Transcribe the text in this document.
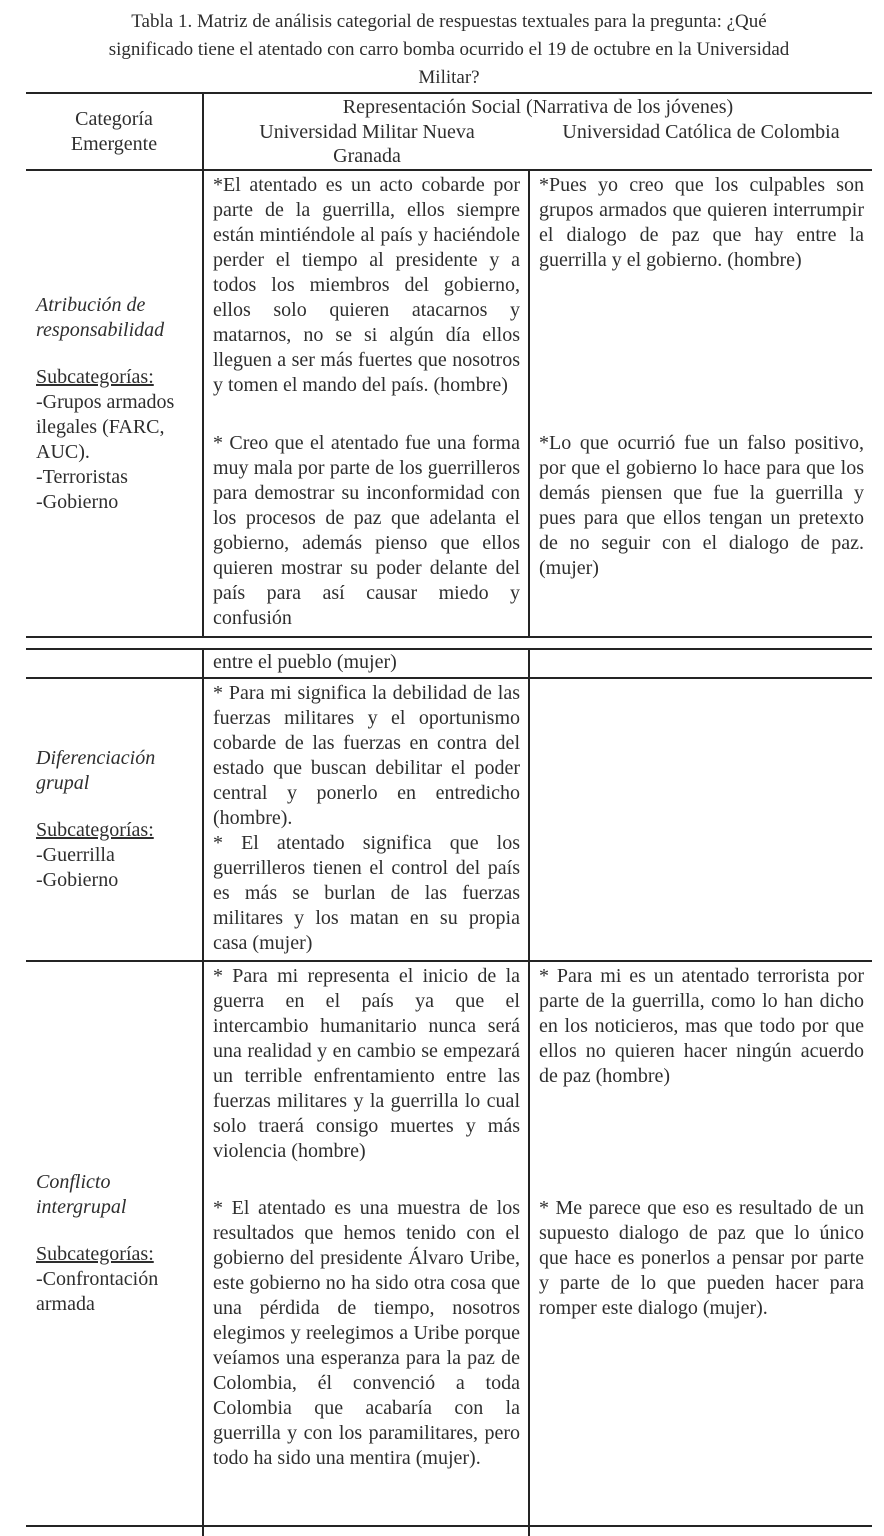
Tabla 1. Matriz de análisis categorial de respuestas textuales para la pregunta: ¿Qué
significado tiene el atentado con carro bomba ocurrido el 19 de octubre en la Universidad
Militar?
Categoría Emergente
Representación Social (Narrativa de los jóvenes)
Universidad Militar Nueva Granada
Universidad Católica de Colombia
Atribución de responsabilidad
Subcategorías:
-Grupos armados ilegales (FARC, AUC).
-Terroristas
-Gobierno

*El atentado es un acto cobarde por parte de la guerrilla, ellos siempre están mintiéndole al país y haciéndole perder el tiempo al presidente y a todos los miembros del gobierno, ellos solo quieren atacarnos y matarnos, no se si algún día ellos lleguen a ser más fuertes que nosotros y tomen el mando del país. (hombre)

* Creo que el atentado fue una forma muy mala por parte de los guerrilleros para demostrar su inconformidad con los procesos de paz que adelanta el gobierno, además pienso que ellos quieren mostrar su poder delante del país para así causar miedo y confusión

*Pues yo creo que los culpables son grupos armados que quieren interrumpir el dialogo de paz que hay entre la guerrilla y el gobierno. (hombre)

*Lo que ocurrió fue un falso positivo, por que el gobierno lo hace para que los demás piensen que fue la guerrilla y pues para que ellos tengan un pretexto de no seguir con el dialogo de paz. (mujer)

entre el pueblo (mujer)

Diferenciación grupal
Subcategorías:
-Guerrilla
-Gobierno

* Para mi significa la debilidad de las fuerzas militares y el oportunismo cobarde de las fuerzas en contra del estado que buscan debilitar el poder central y ponerlo en entredicho (hombre).

* El atentado significa que los guerrilleros tienen el control del país es más se burlan de las fuerzas militares y los matan en su propia casa (mujer)

Conflicto intergrupal
Subcategorías:
-Confrontación armada

* Para mi representa el inicio de la guerra en el país ya que el intercambio humanitario nunca será una realidad y en cambio se empezará un terrible enfrentamiento entre las fuerzas militares y la guerrilla lo cual solo traerá consigo muertes y más violencia (hombre)

* El atentado es una muestra de los resultados que hemos tenido con el gobierno del presidente Álvaro Uribe, este gobierno no ha sido otra cosa que una pérdida de tiempo, nosotros elegimos y reelegimos a Uribe porque veíamos una esperanza para la paz de Colombia, él convenció a toda Colombia que acabaría con la guerrilla y con los paramilitares, pero todo ha sido una mentira (mujer).

* Para mi es un atentado terrorista por parte de la guerrilla, como lo han dicho en los noticieros, mas que todo por que ellos no quieren hacer ningún acuerdo de paz (hombre)

* Me parece que eso es resultado de un supuesto dialogo de paz que lo único que hace es ponerlos a pensar por parte y parte de lo que pueden hacer para romper este dialogo (mujer).
